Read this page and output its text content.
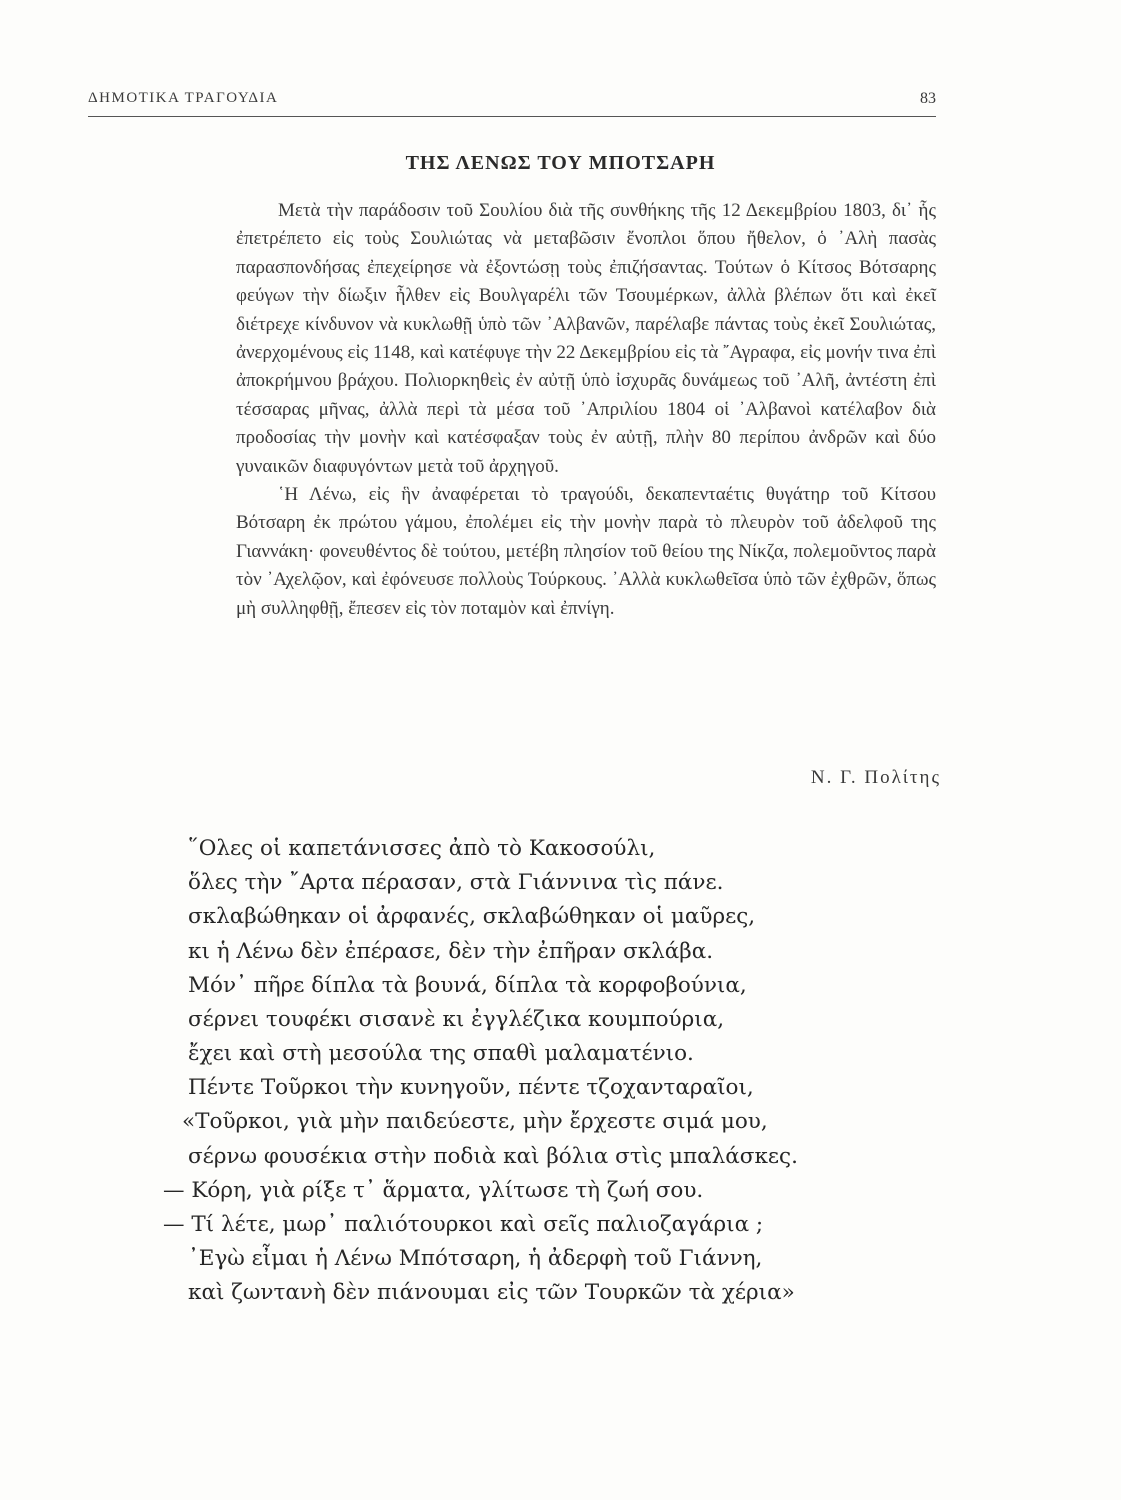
ΔΗΜΟΤΙΚΑ ΤΡΑΓΟΥΔΙΑ	83
ΤΗΣ ΛΕΝΩΣ ΤΟΥ ΜΠΟΤΣΑΡΗ

Μετὰ τὴν παράδοσιν τοῦ Σουλίου διὰ τῆς συνθήκης τῆς 12 Δεκεμβρίου 1803, δι᾽ ἧς ἐπετρέπετο εἰς τοὺς Σουλιώτας νὰ μεταβῶσιν ἔνοπλοι ὅπου ἤθελον, ὁ ᾽Αλὴ πασὰς παρασπονδήσας ἐπεχείρησε νὰ ἐξοντώσῃ τοὺς ἐπιζήσαντας. Τούτων ὁ Κίτσος Βότσαρης φεύγων τὴν δίωξιν ἦλθεν εἰς Βουλγαρέλι τῶν Τσουμέρκων, ἀλλὰ βλέπων ὅτι καὶ ἐκεῖ διέτρεχε κίνδυνον νὰ κυκλωθῇ ὑπὸ τῶν ᾽Αλβανῶν, παρέλαβε πάντας τοὺς ἐκεῖ Σουλιώτας, ἀνερχομένους εἰς 1148, καὶ κατέφυγε τὴν 22 Δεκεμβρίου εἰς τὰ ῎Αγραφα, εἰς μονήν τινα ἐπὶ ἀποκρήμνου βράχου. Πολιορκηθεὶς ἐν αὐτῇ ὑπὸ ἰσχυρᾶς δυνάμεως τοῦ ᾽Αλῆ, ἀντέστη ἐπὶ τέσσαρας μῆνας, ἀλλὰ περὶ τὰ μέσα τοῦ ᾽Απριλίου 1804 οἱ ᾽Αλβανοὶ κατέλαβον διὰ προδοσίας τὴν μονὴν καὶ κατέσφαξαν τοὺς ἐν αὐτῇ, πλὴν 80 περίπου ἀνδρῶν καὶ δύο γυναικῶν διαφυγόντων μετὰ τοῦ ἀρχηγοῦ.

῾Η Λένω, εἰς ἣν ἀναφέρεται τὸ τραγούδι, δεκαπενταέτις θυγάτηρ τοῦ Κίτσου Βότσαρη ἐκ πρώτου γάμου, ἐπολέμει εἰς τὴν μονὴν παρὰ τὸ πλευρὸν τοῦ ἀδελφοῦ της Γιαννάκη· φονευθέντος δὲ τούτου, μετέβη πλησίον τοῦ θείου της Νίκζα, πολεμοῦντος παρὰ τὸν ᾽Αχελῷον, καὶ ἐφόνευσε πολλοὺς Τούρκους. ᾽Αλλὰ κυκλωθεῖσα ὑπὸ τῶν ἐχθρῶν, ὅπως μὴ συλληφθῇ, ἔπεσεν εἰς τὸν ποταμὸν καὶ ἐπνίγη.

Ν. Γ. Πολίτης
῞Ολες οἱ καπετάνισσες ἀπὸ τὸ Κακοσούλι,
ὅλες τὴν ῎Αρτα πέρασαν, στὰ Γιάννινα τὶς πάνε.
σκλαβώθηκαν οἱ ἀρφανές, σκλαβώθηκαν οἱ μαῦρες,
κι ἡ Λένω δὲν ἐπέρασε, δὲν τὴν ἐπῆραν σκλάβα.
Μόν᾽ πῆρε δίπλα τὰ βουνά, δίπλα τὰ κορφοβούνια,
σέρνει τουφέκι σισανὲ κι ἐγγλέζικα κουμπούρια,
ἔχει καὶ στὴ μεσούλα της σπαθὶ μαλαματένιο.
Πέντε Τοῦρκοι τὴν κυνηγοῦν, πέντε τζοχανταραῖοι,
«Τοῦρκοι, γιὰ μὴν παιδεύεστε, μὴν ἔρχεστε σιμά μου,
σέρνω φουσέκια στὴν ποδιὰ καὶ βόλια στὶς μπαλάσκες.
— Κόρη, γιὰ ρίξε τ᾽ ἅρματα, γλίτωσε τὴ ζωή σου.
— Τί λέτε, μωρ᾽ παλιότουρκοι καὶ σεῖς παλιοζαγάρια ;
᾽Εγὼ εἶμαι ἡ Λένω Μπότσαρη, ἡ ἀδερφὴ τοῦ Γιάννη,
καὶ ζωντανὴ δὲν πιάνουμαι εἰς τῶν Τουρκῶν τὰ χέρια»
